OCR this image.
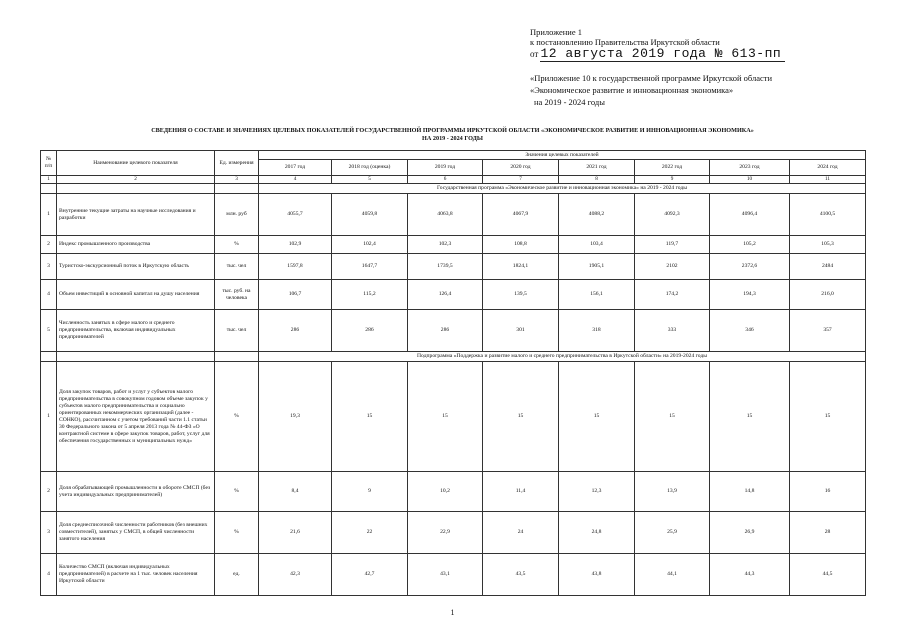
Приложение 1
к постановлению Правительства Иркутской области
от 12 августа 2019 года № 613-пп
«Приложение 10 к государственной программе Иркутской области
«Экономическое развитие и инновационная экономика»
на 2019 - 2024 годы
СВЕДЕНИЯ О СОСТАВЕ И ЗНАЧЕНИЯХ ЦЕЛЕВЫХ ПОКАЗАТЕЛЕЙ ГОСУДАРСТВЕННОЙ ПРОГРАММЫ ИРКУТСКОЙ ОБЛАСТИ «ЭКОНОМИЧЕСКОЕ РАЗВИТИЕ И ИННОВАЦИОННАЯ ЭКОНОМИКА»
НА 2019 - 2024 ГОДЫ
№ п/п	Наименование целевого показателя	Ед. измерения	Значения целевых показателей							
			2017 год	2018 год (оценка)	2019 год	2020 год	2021 год	2022 год	2023 год	2024 год
1	2	3	4	5	6	7	8	9	10	11
			Государственная программа «Экономическое развитие и инновационная экономика» на 2019 - 2024 годы							
1	Внутренние текущие затраты на научные исследования и разработки	млн. руб	4055,7	4059,8	4063,8	4067,9	4088,2	4092,3	4096,4	4100,5
2	Индекс промышленного производства	%	102,9	102,4	102,3	108,8	103,4	119,7	105,2	105,3
3	Туристско-экскурсионный поток в Иркутскую область	тыс. чел	1597,8	1647,7	1739,5	1824,1	1905,1	2102	2372,6	2484
4	Объем инвестиций в основной капитал на душу населения	тыс. руб. на человека	106,7	115,2	126,4	139,5	156,1	174,2	194,3	216,0
5	Численность занятых в сфере малого и среднего предпринимательства, включая индивидуальных предпринимателей	тыс. чел	286	286	286	301	318	333	346	357
			Подпрограмма «Поддержка и развитие малого и среднего предпринимательства в Иркутской области» на 2019-2024 годы							
1	Доля закупок товаров, работ и услуг у субъектов малого предпринимательства в совокупном годовом объеме закупок у субъектов малого предпринимательства и социально ориентированных некоммерческих организаций (далее - СОНКО), рассчитанном с учетом требований части 1.1 статьи 30 Федерального закона от 5 апреля 2013 года № 44-ФЗ «О контрактной системе в сфере закупок товаров, работ, услуг для обеспечения государственных и муниципальных нужд»	%	19,3	15	15	15	15	15	15	15
2	Доля обрабатывающей промышленности в обороте СМСП (без учета индивидуальных предпринимателей)	%	8,4	9	10,2	11,4	12,3	13,9	14,8	16
3	Доля среднесписочной численности работников (без внешних совместителей), занятых у СМСП, в общей численности занятого населения	%	21,6	22	22,9	24	24,8	25,9	26,9	28
4	Количество СМСП (включая индивидуальных предпринимателей) в расчете на 1 тыс. человек населения Иркутской области	ед.	42,3	42,7	43,1	43,5	43,8	44,1	44,3	44,5
1
